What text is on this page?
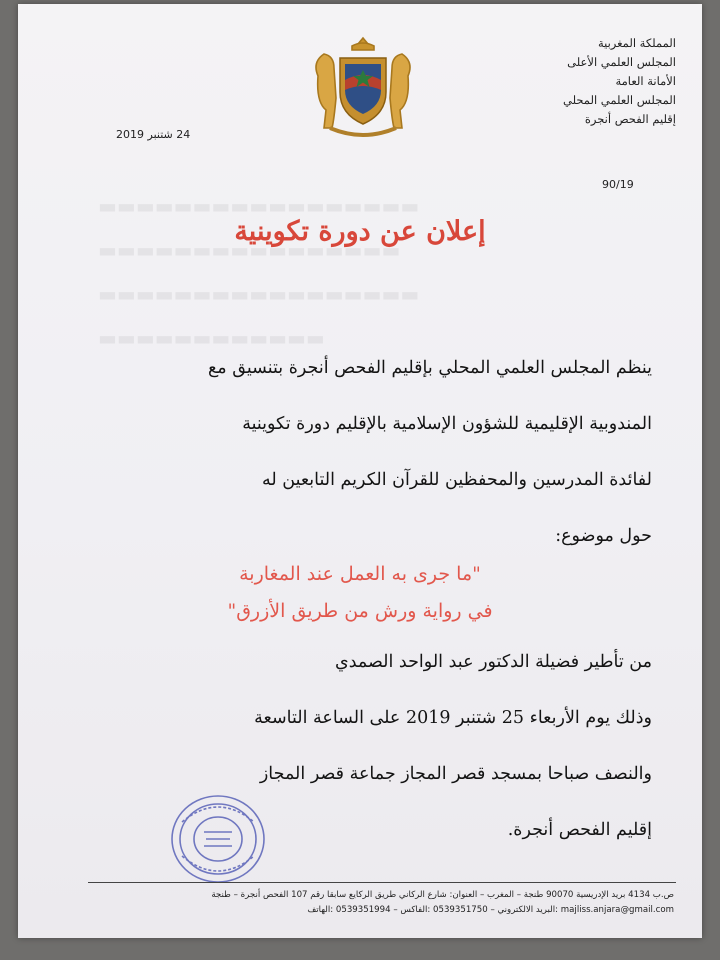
▬▬▬▬▬▬▬▬▬▬▬▬▬▬▬▬▬
▬▬▬▬▬▬▬▬▬▬▬▬▬▬▬▬
▬▬▬▬▬▬▬▬▬▬▬▬▬▬▬▬▬
▬▬▬▬▬▬▬▬▬▬▬▬
المملكة المغربية
المجلس العلمي الأعلى
الأمانة العامة
المجلس العلمي المحلي
إقليم الفحص أنجرة
24 شتنبر 2019
90/19
إعلان عن دورة تكوينية
ينظم المجلس العلمي المحلي بإقليم الفحص أنجرة بتنسيق مع
المندوبية الإقليمية للشؤون الإسلامية بالإقليم دورة تكوينية
لفائدة المدرسين والمحفظين للقرآن الكريم التابعين له
حول موضوع:
"ما جرى به العمل عند المغاربة
في رواية ورش من طريق الأزرق"
من تأطير فضيلة الدكتور عبد الواحد الصمدي
وذلك يوم الأربعاء 25 شتنبر 2019 على الساعة التاسعة
والنصف صباحا بمسجد قصر المجاز جماعة قصر المجاز
إقليم الفحص أنجرة.
ص.ب 4134 بريد الإدريسية 90070 طنجة – المغرب – العنوان: شارع الركاني طريق الركايع سابقا رقم 107 الفحص أنجرة – طنجة
الهاتف: 0539351994 – الفاكس: 0539351750 – البريد الالكتروني: majliss.anjara@gmail.com
